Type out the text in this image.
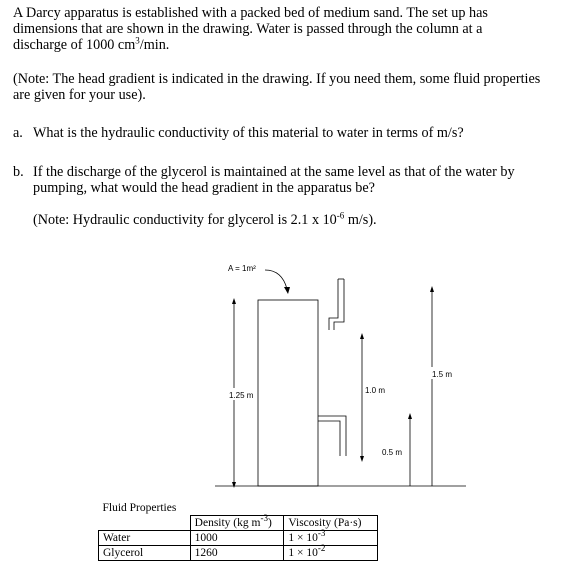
A Darcy apparatus is established with a packed bed of medium sand. The set up has
dimensions that are shown in the drawing. Water is passed through the column at a
discharge of 1000 $cm^3/\min$.
(Note: The head gradient is indicated in the drawing. If you need them, some fluid properties
are given for your use).
a. What is the hydraulic conductivity of this material to water in terms of m/s?
b. If the discharge of the glycerol is maintained at the same level as that of the water by
pumping, what would the head gradient in the apparatus be?
(Note: Hydraulic conductivity for glycerol is 2.1 x $10^{-6}$ m/s).
A = 1m²
1.25 m
1.0 m
0.5 m
1.5 m
Fluid Properties		
	Density (kg $m^{-3}$)	Viscosity (Pa·s)
Water	1000	$1 \times 10^{-3}$
Glycerol	1260	$1 \times 10^{-2}$
